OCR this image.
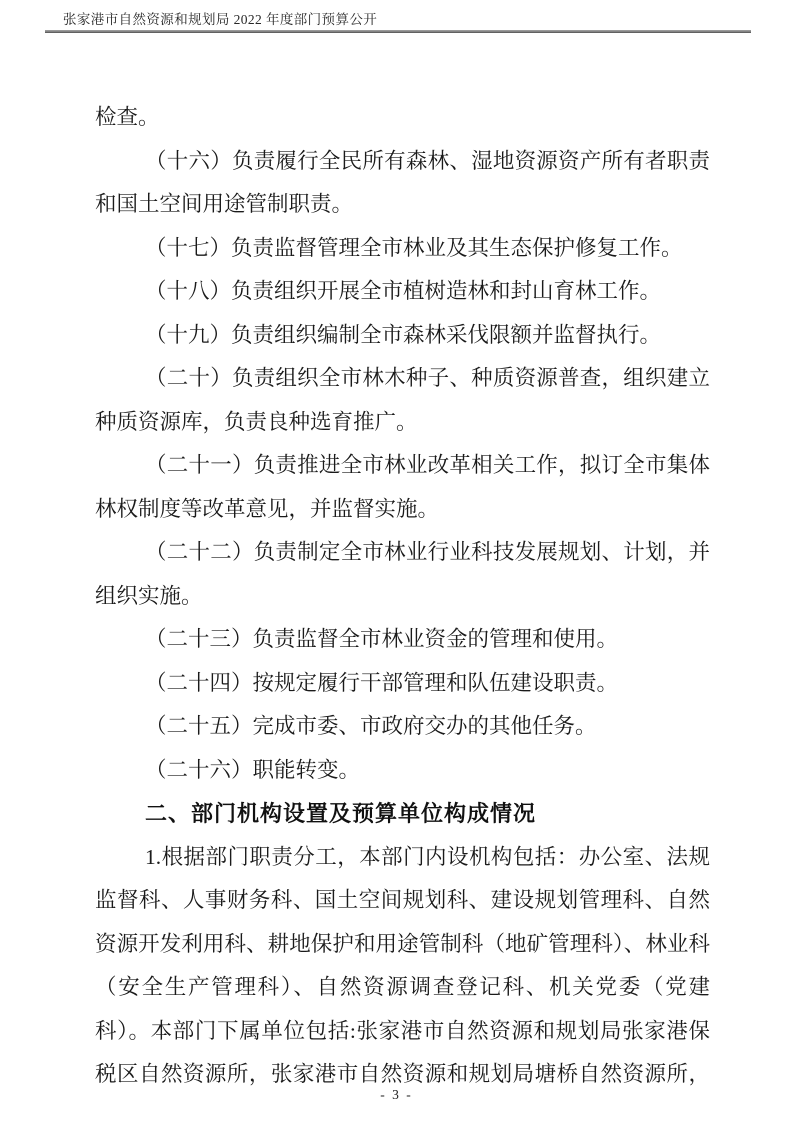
张家港市自然资源和规划局 2022 年度部门预算公开

检查。

（十六）负责履行全民所有森林、湿地资源资产所有者职责和国土空间用途管制职责。

（十七）负责监督管理全市林业及其生态保护修复工作。

（十八）负责组织开展全市植树造林和封山育林工作。

（十九）负责组织编制全市森林采伐限额并监督执行。

（二十）负责组织全市林木种子、种质资源普查，组织建立种质资源库，负责良种选育推广。

（二十一）负责推进全市林业改革相关工作，拟订全市集体林权制度等改革意见，并监督实施。

（二十二）负责制定全市林业行业科技发展规划、计划，并组织实施。

（二十三）负责监督全市林业资金的管理和使用。

（二十四）按规定履行干部管理和队伍建设职责。

（二十五）完成市委、市政府交办的其他任务。

（二十六）职能转变。

二、部门机构设置及预算单位构成情况

1.根据部门职责分工，本部门内设机构包括：办公室、法规监督科、人事财务科、国土空间规划科、建设规划管理科、自然资源开发利用科、耕地保护和用途管制科（地矿管理科）、林业科（安全生产管理科）、自然资源调查登记科、机关党委（党建科）。本部门下属单位包括:张家港市自然资源和规划局张家港保税区自然资源所，张家港市自然资源和规划局塘桥自然资源所，

- 3 -
